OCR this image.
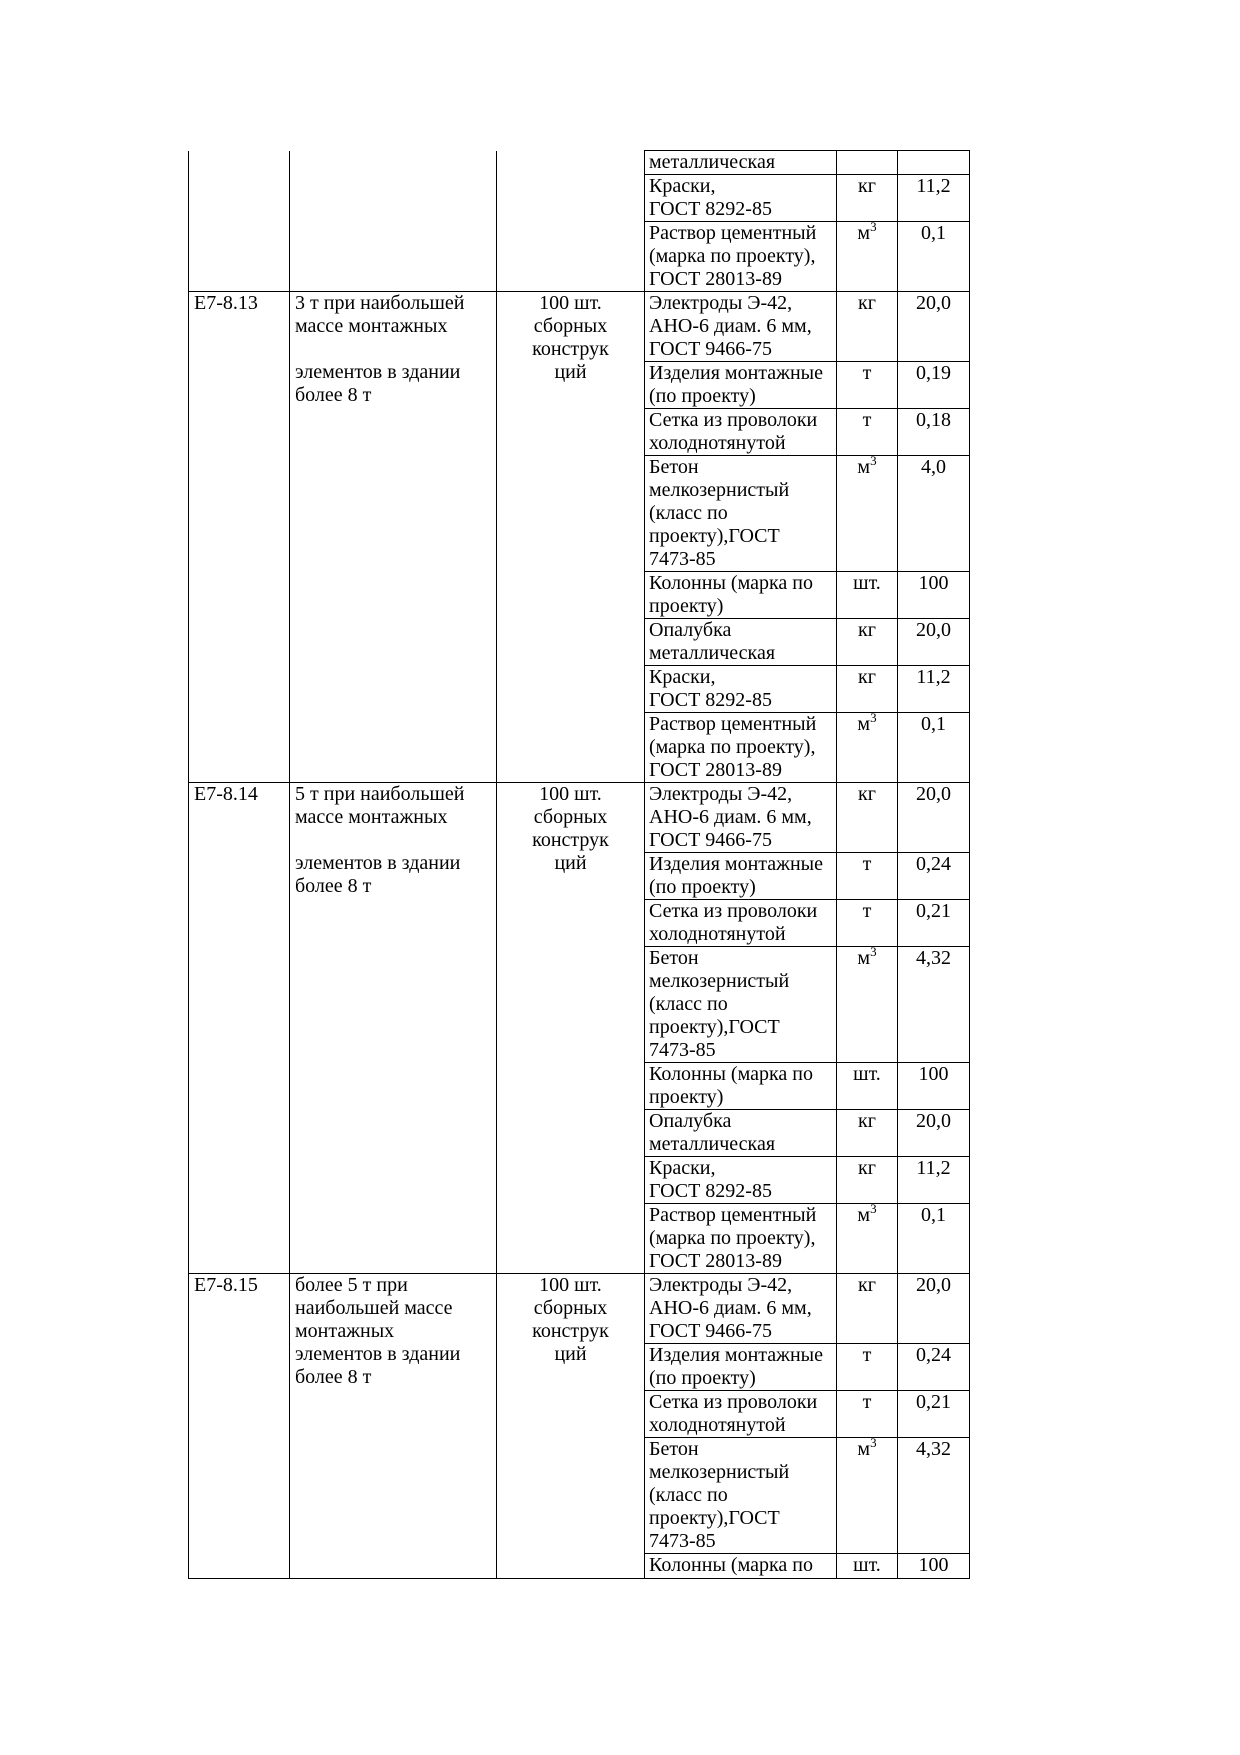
			металлическая		

			Краски,
ГОСТ 8292-85	кг	11,2

			Раствор цементный
(марка по проекту),
ГОСТ 28013-89	$м^3$	0,1

Е7-8.13	3 т при наибольшей
массе монтажных
элементов в здании
более 8 т	100 шт.
сборных
конструк
ций	Электроды Э-42,
АНО-6 диам. 6 мм,
ГОСТ 9466-75	кг	20,0

			Изделия монтажные
(по проекту)	т	0,19

			Сетка из проволоки
холоднотянутой	т	0,18

			Бетон
мелкозернистый
(класс по
проекту),ГОСТ
7473-85	$м^3$	4,0

			Колонны (марка по
проекту)	шт.	100

			Опалубка
металлическая	кг	20,0

			Краски,
ГОСТ 8292-85	кг	11,2

			Раствор цементный
(марка по проекту),
ГОСТ 28013-89	$м^3$	0,1

Е7-8.14	5 т при наибольшей
массе монтажных
элементов в здании
более 8 т	100 шт.
сборных
конструк
ций	Электроды Э-42,
АНО-6 диам. 6 мм,
ГОСТ 9466-75	кг	20,0

			Изделия монтажные
(по проекту)	т	0,24

			Сетка из проволоки
холоднотянутой	т	0,21

			Бетон
мелкозернистый
(класс по
проекту),ГОСТ
7473-85	$м^3$	4,32

			Колонны (марка по
проекту)	шт.	100

			Опалубка
металлическая	кг	20,0

			Краски,
ГОСТ 8292-85	кг	11,2

			Раствор цементный
(марка по проекту),
ГОСТ 28013-89	$м^3$	0,1

Е7-8.15	более 5 т при
наибольшей массе
монтажных
элементов в здании
более 8 т	100 шт.
сборных
конструк
ций	Электроды Э-42,
АНО-6 диам. 6 мм,
ГОСТ 9466-75	кг	20,0

			Изделия монтажные
(по проекту)	т	0,24

			Сетка из проволоки
холоднотянутой	т	0,21

			Бетон
мелкозернистый
(класс по
проекту),ГОСТ
7473-85	$м^3$	4,32

			Колонны (марка по	шт.	100
